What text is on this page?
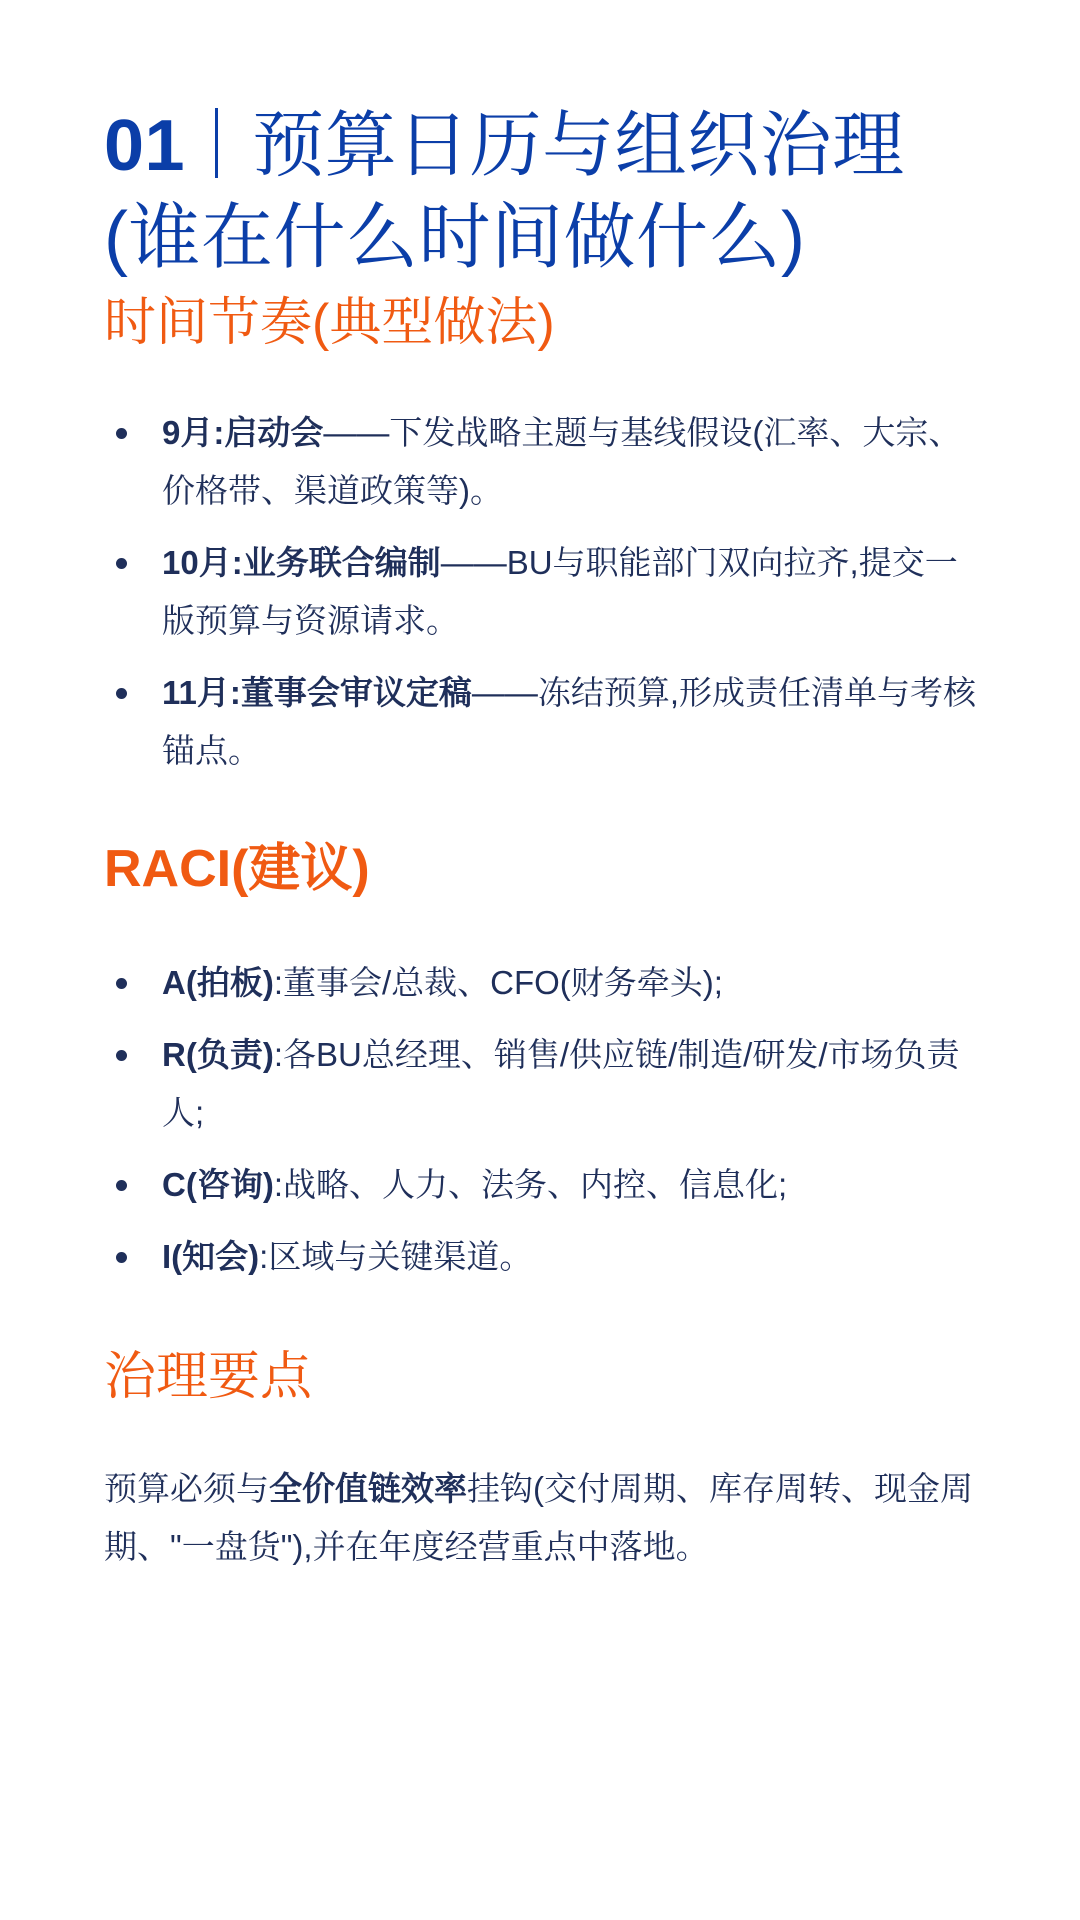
01 预算日历与组织治理
(谁在什么时间做什么)
时间节奏(典型做法)
9月:启动会——下发战略主题与基线假设(汇率、大宗、价格带、渠道政策等)。
10月:业务联合编制——BU与职能部门双向拉齐,提交一版预算与资源请求。
11月:董事会审议定稿——冻结预算,形成责任清单与考核锚点。
RACI(建议)
A(拍板):董事会/总裁、CFO(财务牵头);
R(负责):各BU总经理、销售/供应链/制造/研发/市场负责人;
C(咨询):战略、人力、法务、内控、信息化;
I(知会):区域与关键渠道。
治理要点

预算必须与全价值链效率挂钩(交付周期、库存周转、现金周期、"一盘货"),并在年度经营重点中落地。
